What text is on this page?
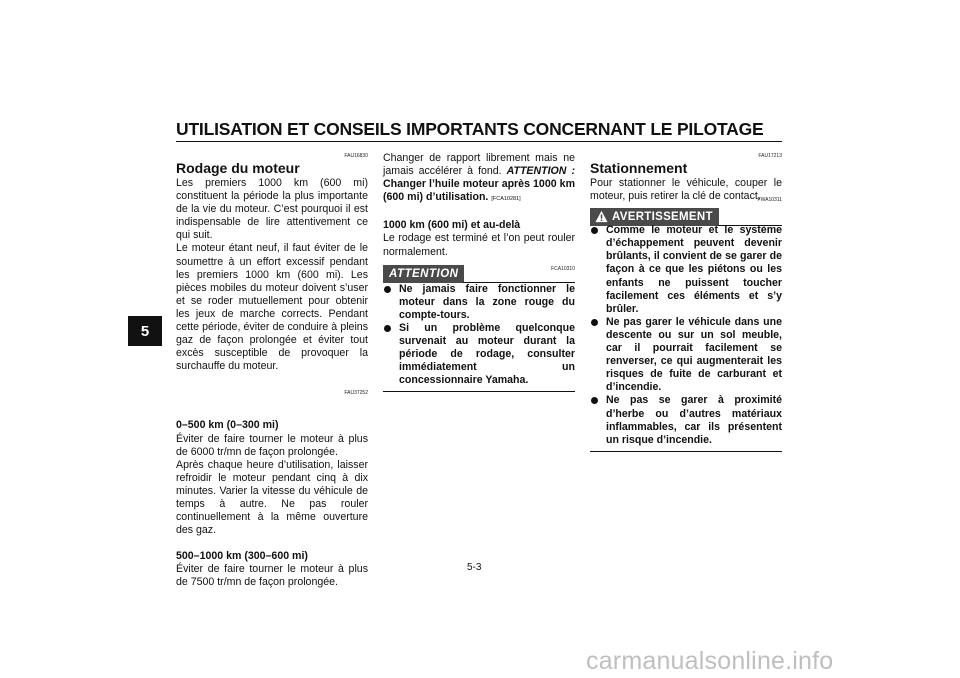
UTILISATION ET CONSEILS IMPORTANTS CONCERNANT LE PILOTAGE
5
FAU16830
Rodage du moteur

Les premiers 1000 km (600 mi) constituent la période la plus importante de la vie du moteur. C’est pourquoi il est indispensable de lire attentivement ce qui suit.

Le moteur étant neuf, il faut éviter de le soumettre à un effort excessif pendant les premiers 1000 km (600 mi). Les pièces mobiles du moteur doivent s’user et se roder mutuellement pour obtenir les jeux de marche corrects. Pendant cette période, éviter de conduire à pleins gaz de façon prolongée et éviter tout excès susceptible de provoquer la surchauffe du moteur.

FAU37252

0–500 km (0–300 mi)

Éviter de faire tourner le moteur à plus de 6000 tr/mn de façon prolongée.

Après chaque heure d’utilisation, laisser refroidir le moteur pendant cinq à dix minutes. Varier la vitesse du véhicule de temps à autre. Ne pas rouler continuellement à la même ouverture des gaz.

500–1000 km (300–600 mi)

Éviter de faire tourner le moteur à plus de 7500 tr/mn de façon prolongée.

Changer de rapport librement mais ne jamais accélérer à fond. ATTENTION : Changer l’huile moteur après 1000 km (600 mi) d’utilisation. [FCA10281]

1000 km (600 mi) et au-delà

Le rodage est terminé et l’on peut rouler normalement.

ATTENTION	FCA10310
Ne jamais faire fonctionner le moteur dans la zone rouge du compte-tours.
Si un problème quelconque survenait au moteur durant la période de rodage, consulter immédiatement un concessionnaire Yamaha.
FAU17213
Stationnement

Pour stationner le véhicule, couper le moteur, puis retirer la clé de contact.

AVERTISSEMENT
FWA10311
Comme le moteur et le système d’échappement peuvent devenir brûlants, il convient de se garer de façon à ce que les piétons ou les enfants ne puissent toucher facilement ces éléments et s’y brûler.
Ne pas garer le véhicule dans une descente ou sur un sol meuble, car il pourrait facilement se renverser, ce qui augmenterait les risques de fuite de carburant et d’incendie.
Ne pas se garer à proximité d’herbe ou d’autres matériaux inflammables, car ils présentent un risque d’incendie.
5-3
carmanualsonline.info
